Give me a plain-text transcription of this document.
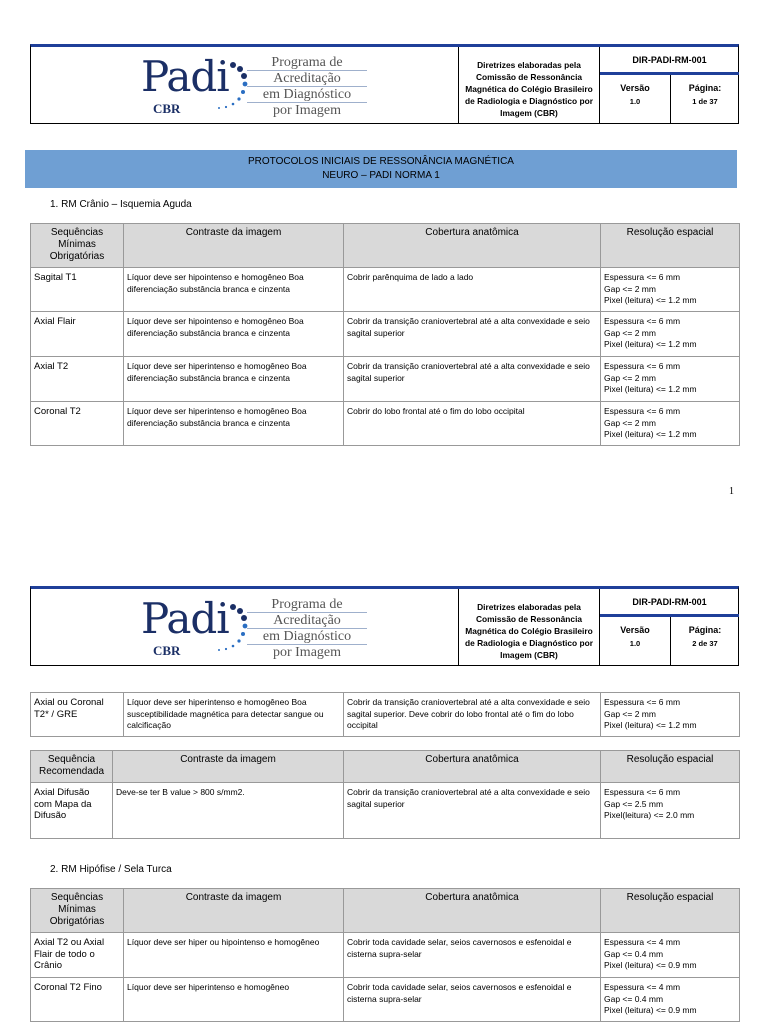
Padi
CBR
Programa de
Acreditação
em Diagnóstico
por Imagem
Diretrizes elaboradas pela Comissão de Ressonância Magnética do Colégio Brasileiro de Radiologia e Diagnóstico por Imagem (CBR)
DIR-PADI-RM-001
Versão
1.0
Página:
1 de 37
PROTOCOLOS INICIAIS DE RESSONÂNCIA MAGNÉTICA
NEURO – PADI NORMA 1
1. RM Crânio – Isquemia Aguda
Sequências Mínimas Obrigatórias	Contraste da imagem	Cobertura anatômica	Resolução espacial
Sagital T1	Líquor deve ser hipointenso e homogêneo Boa diferenciação substância branca e cinzenta	Cobrir parênquima de lado a lado	Espessura <= 6 mm
Gap <= 2 mm
Pixel (leitura) <= 1.2 mm

Axial Flair	Líquor deve ser hipointenso e homogêneo Boa diferenciação substância branca e cinzenta	Cobrir da transição craniovertebral até a alta convexidade e seio sagital superior	Espessura <= 6 mm
Gap <= 2 mm
Pixel (leitura) <= 1.2 mm

Axial T2	Líquor deve ser hiperintenso e homogêneo Boa diferenciação substância branca e cinzenta	Cobrir da transição craniovertebral até a alta convexidade e seio sagital superior	Espessura <= 6 mm
Gap <= 2 mm
Pixel (leitura) <= 1.2 mm

Coronal T2	Líquor deve ser hiperintenso e homogêneo Boa diferenciação substância branca e cinzenta	Cobrir do lobo frontal até o fim do lobo occipital	Espessura <= 6 mm
Gap <= 2 mm
Pixel (leitura) <= 1.2 mm
1
Padi
CBR
Programa de
Acreditação
em Diagnóstico
por Imagem
Diretrizes elaboradas pela Comissão de Ressonância Magnética do Colégio Brasileiro de Radiologia e Diagnóstico por Imagem (CBR)
DIR-PADI-RM-001
Versão
1.0
Página:
2 de 37
Axial ou Coronal T2* / GRE	Líquor deve ser hiperintenso e homogêneo Boa susceptibilidade magnética para detectar sangue ou calcificação	Cobrir da transição craniovertebral até a alta convexidade e seio sagital superior. Deve cobrir do lobo frontal até o fim do lobo occipital	
Espessura <= 6 mm
Gap <= 2 mm
Pixel (leitura) <= 1.2 mm
Sequência Recomendada	Contraste da imagem	Cobertura anatômica	Resolução espacial
Axial Difusão com Mapa da Difusão	Deve-se ter B value > 800 s/mm2.	Cobrir da transição craniovertebral até a alta convexidade e seio sagital superior	Espessura <= 6 mm
Gap <= 2.5 mm
Pixel(leitura) <= 2.0 mm
2. RM Hipófise / Sela Turca
Sequências Mínimas Obrigatórias	Contraste da imagem	Cobertura anatômica	Resolução espacial
Axial T2 ou Axial Flair de todo o Crânio	Líquor deve ser hiper ou hipointenso e homogêneo	Cobrir toda cavidade selar, seios cavernosos e esfenoidal e cisterna supra-selar	Espessura <= 4 mm
Gap <= 0.4 mm
Pixel (leitura) <= 0.9 mm

Coronal T2 Fino	Líquor deve ser hiperintenso e homogêneo	Cobrir toda cavidade selar, seios cavernosos e esfenoidal e cisterna supra-selar	Espessura <= 4 mm
Gap <= 0.4 mm
Pixel (leitura) <= 0.9 mm
